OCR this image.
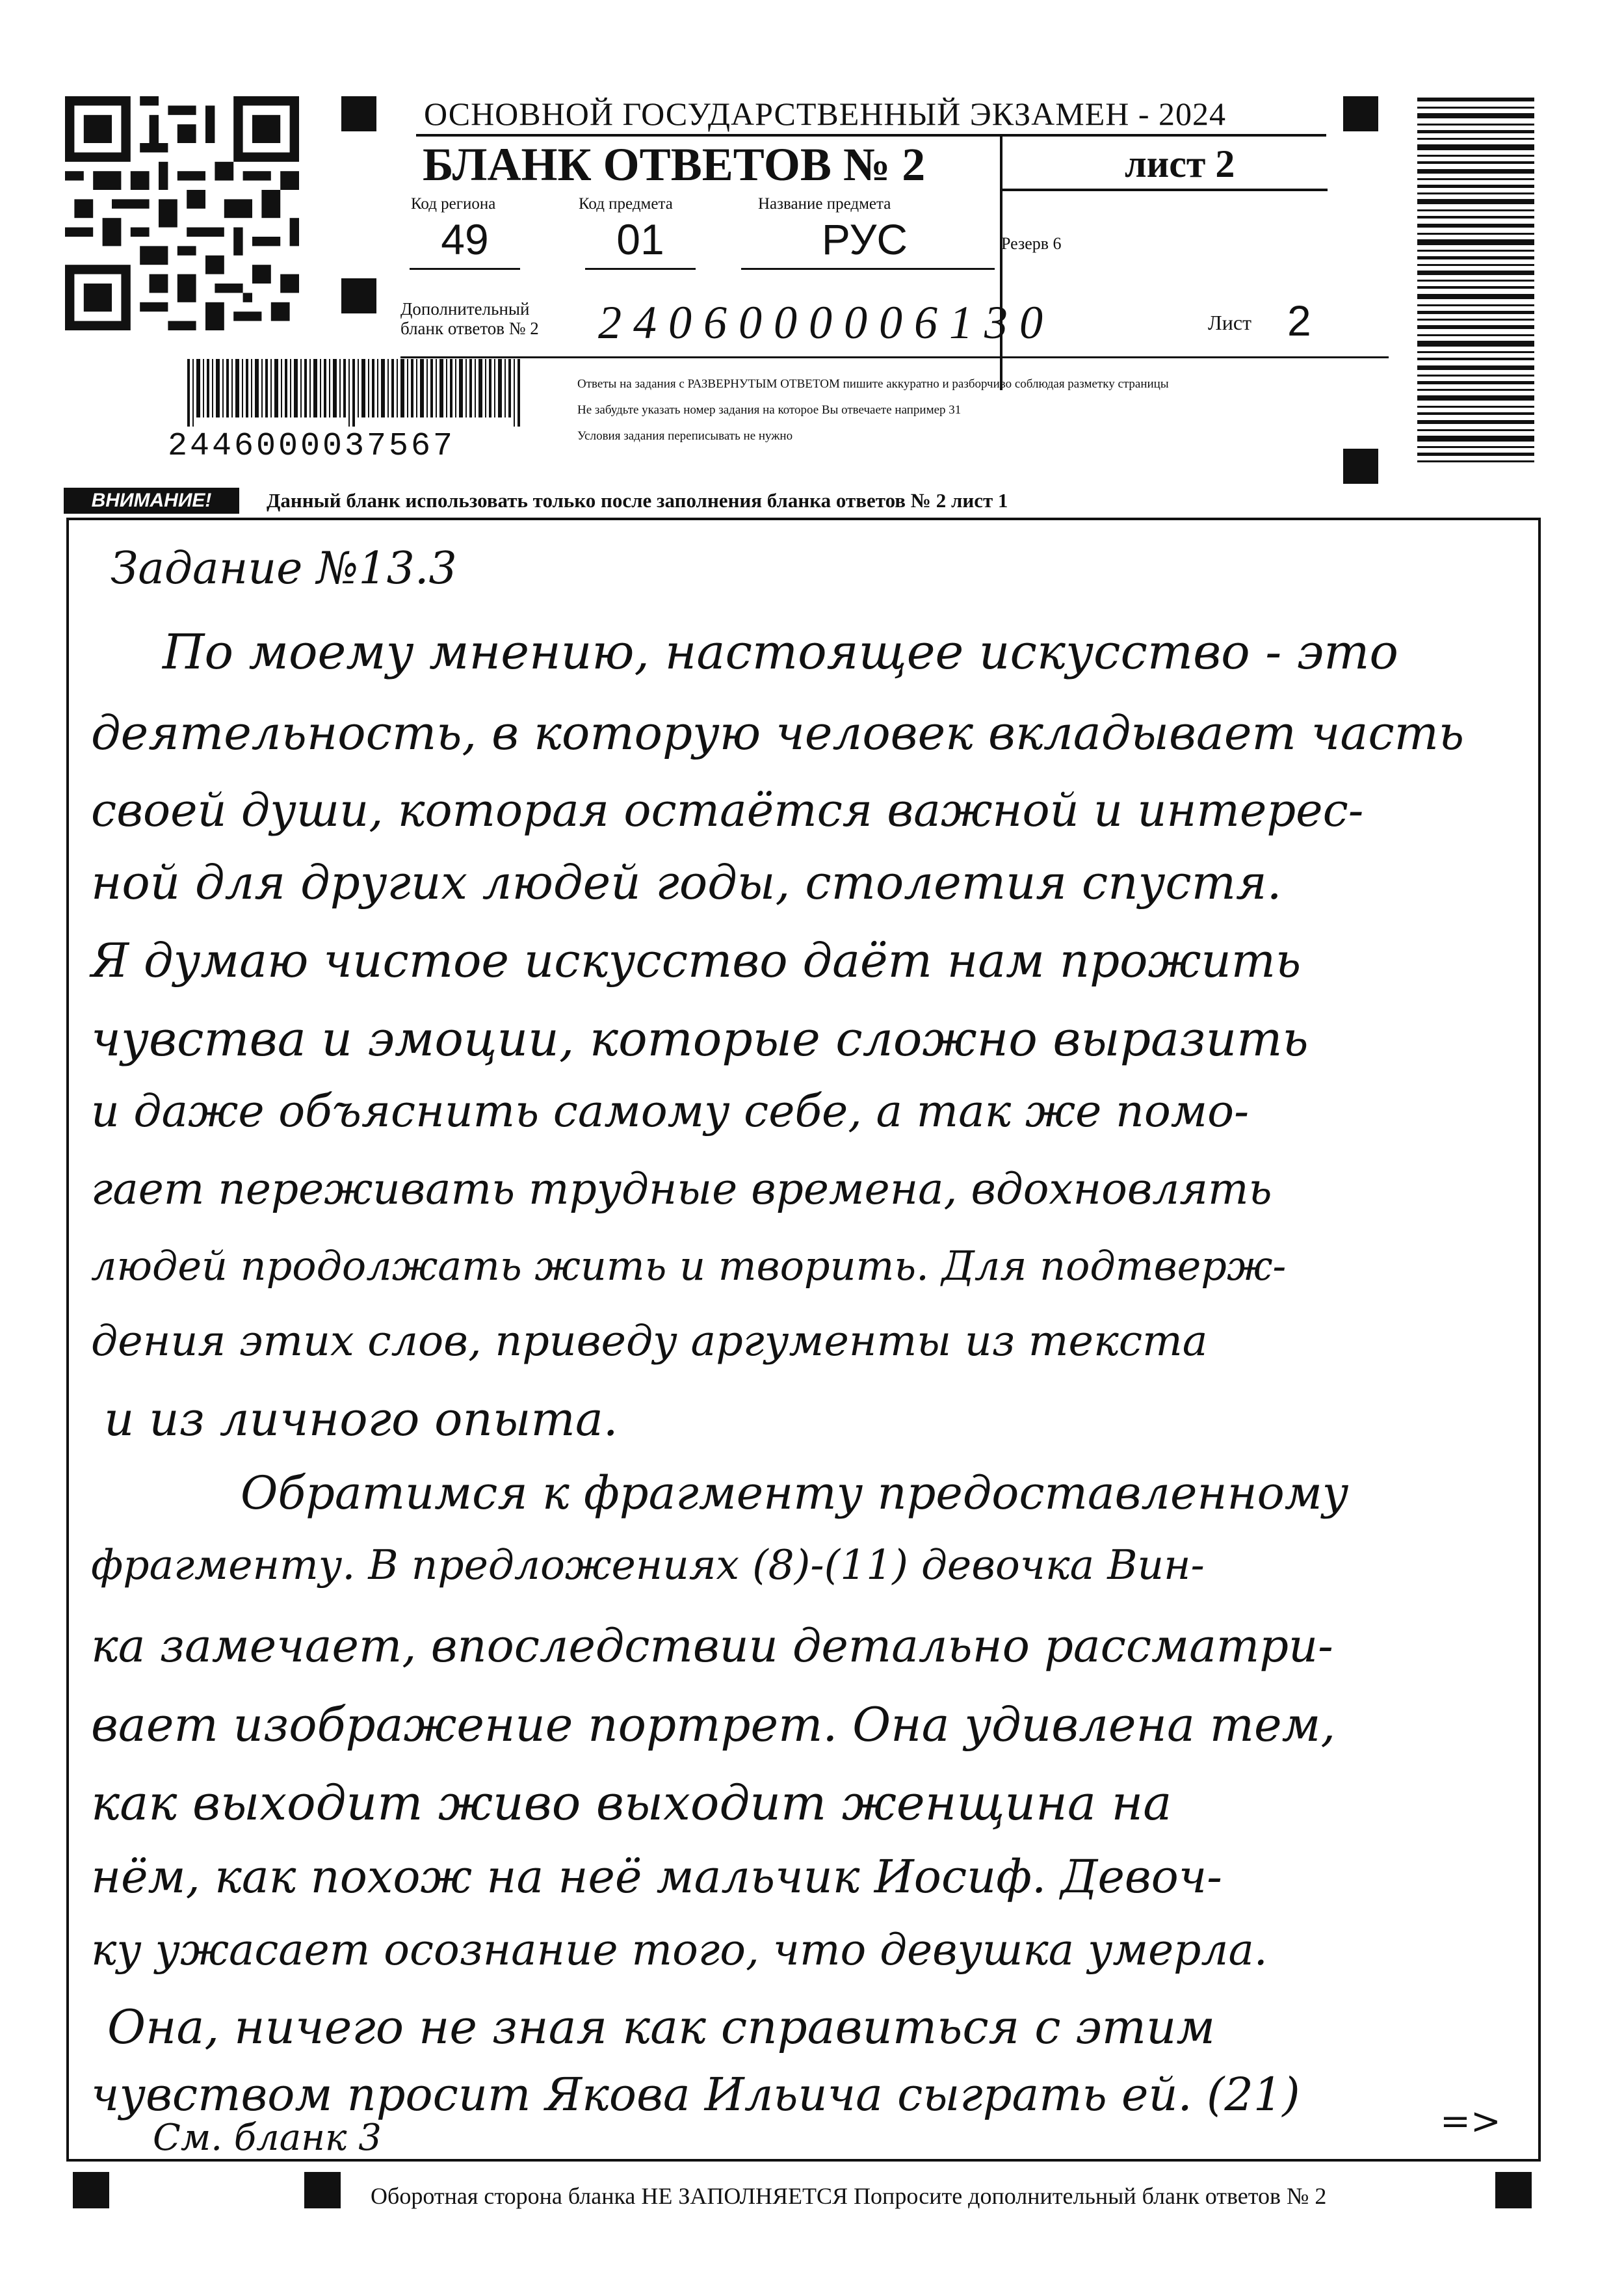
2446000037567
ОСНОВНОЙ ГОСУДАРСТВЕННЫЙ ЭКЗАМЕН - 2024
БЛАНК ОТВЕТОВ № 2	лист 2
Код региона
49
Код предмета
01
Название предмета
РУС	Резерв 6
Дополнительный
бланк ответов № 2 2406000006130	Лист 2
Ответы на задания с РАЗВЕРНУТЫМ ОТВЕТОМ пишите аккуратно и разборчиво соблюдая разметку страницы
Не забудьте указать номер задания на которое Вы отвечаете например 31
Условия задания переписывать не нужно
ВНИМАНИЕ!	Данный бланк использовать только после заполнения бланка ответов № 2 лист 1
Задание №13.3
По моему мнению, настоящее искусство - это
деятельность, в которую человек вкладывает часть
своей души, которая остаётся важной и интерес-
ной для других людей годы, столетия спустя.
Я думаю чистое искусство даёт нам прожить
чувства и эмоции, которые сложно выразить
и даже объяснить самому себе, а так же помо-
гает переживать трудные времена, вдохновлять
людей продолжать жить и творить. Для подтверж-
дения этих слов, приведу аргументы из текста
и из личного опыта.
Обратимся к фрагменту предоставленному
фрагменту. В предложениях (8)-(11) девочка Вин-
ка замечает, впоследствии детально рассматри-
вает изображение портрет. Она удивлена тем,
как выходит живо выходит женщина на
нём, как похож на неё мальчик Иосиф. Девоч-
ку ужасает осознание того, что девушка умерла.
Она, ничего не зная как справиться с этим
чувством просит Якова Ильича сыграть ей. (21)
См. бланк 3	=>
Оборотная сторона бланка НЕ ЗАПОЛНЯЕТСЯ Попросите дополнительный бланк ответов № 2
